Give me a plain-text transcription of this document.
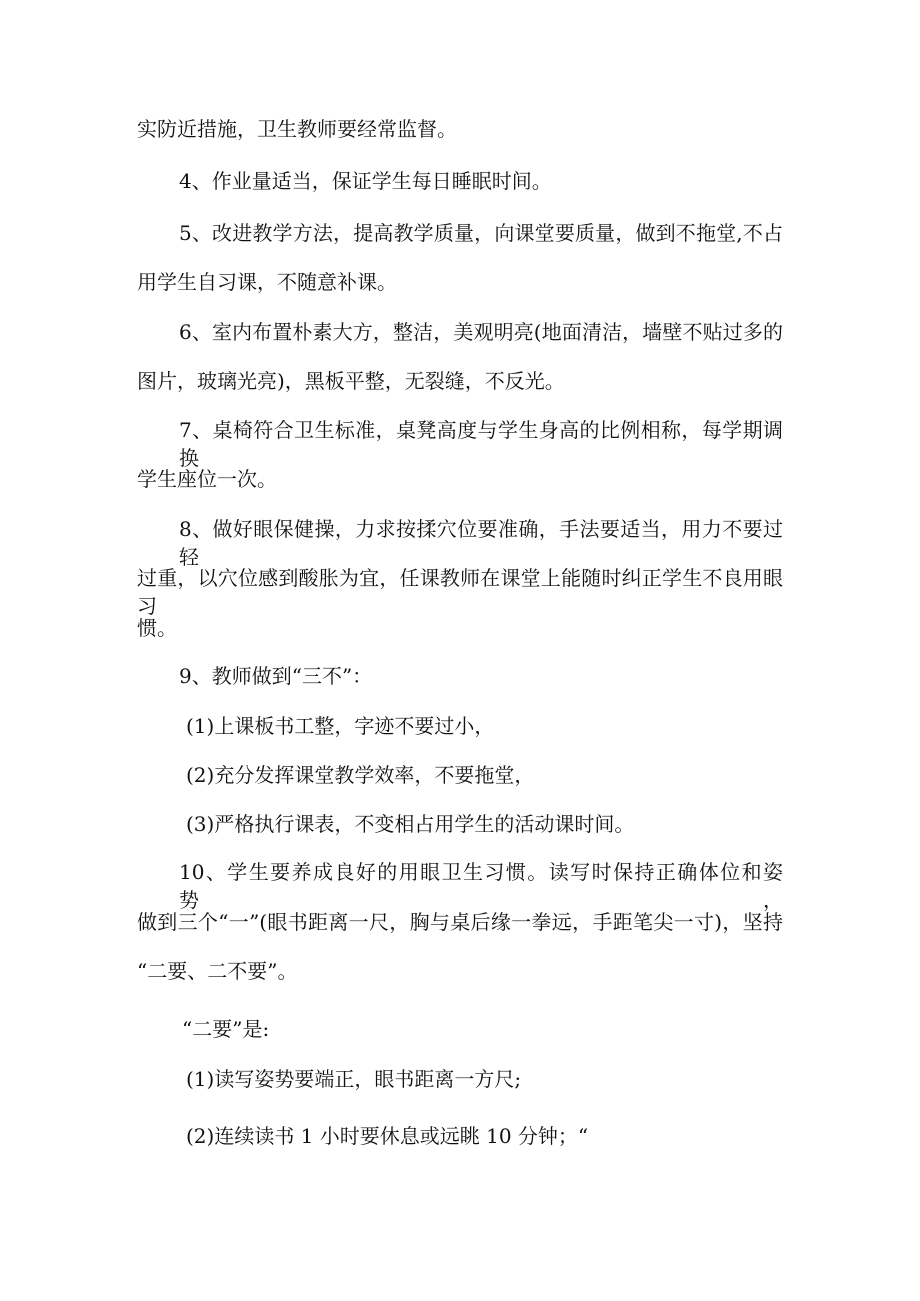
实防近措施，卫生教师要经常监督。
4、作业量适当，保证学生每日睡眠时间。
5、改进教学方法，提高教学质量，向课堂要质量，做到不拖堂,不占
用学生自习课，不随意补课。
6、室内布置朴素大方，整洁，美观明亮(地面清洁，墙壁不贴过多的
图片，玻璃光亮)，黑板平整，无裂缝，不反光。
7、桌椅符合卫生标准，桌凳高度与学生身高的比例相称，每学期调换
学生座位一次。
8、做好眼保健操，力求按揉穴位要准确，手法要适当，用力不要过轻
过重，以穴位感到酸胀为宜，任课教师在课堂上能随时纠正学生不良用眼习
惯。
9、教师做到“三不”：
(1)上课板书工整，字迹不要过小，
(2)充分发挥课堂教学效率，不要拖堂，
(3)严格执行课表，不变相占用学生的活动课时间。
10、学生要养成良好的用眼卫生习惯。读写时保持正确体位和姿势，
做到三个“一”(眼书距离一尺，胸与桌后缘一拳远，手距笔尖一寸)，坚持
“二要、二不要”。
“二要”是:
(1)读写姿势要端正，眼书距离一方尺;
(2)连续读书 1 小时要休息或远眺 10 分钟；“
